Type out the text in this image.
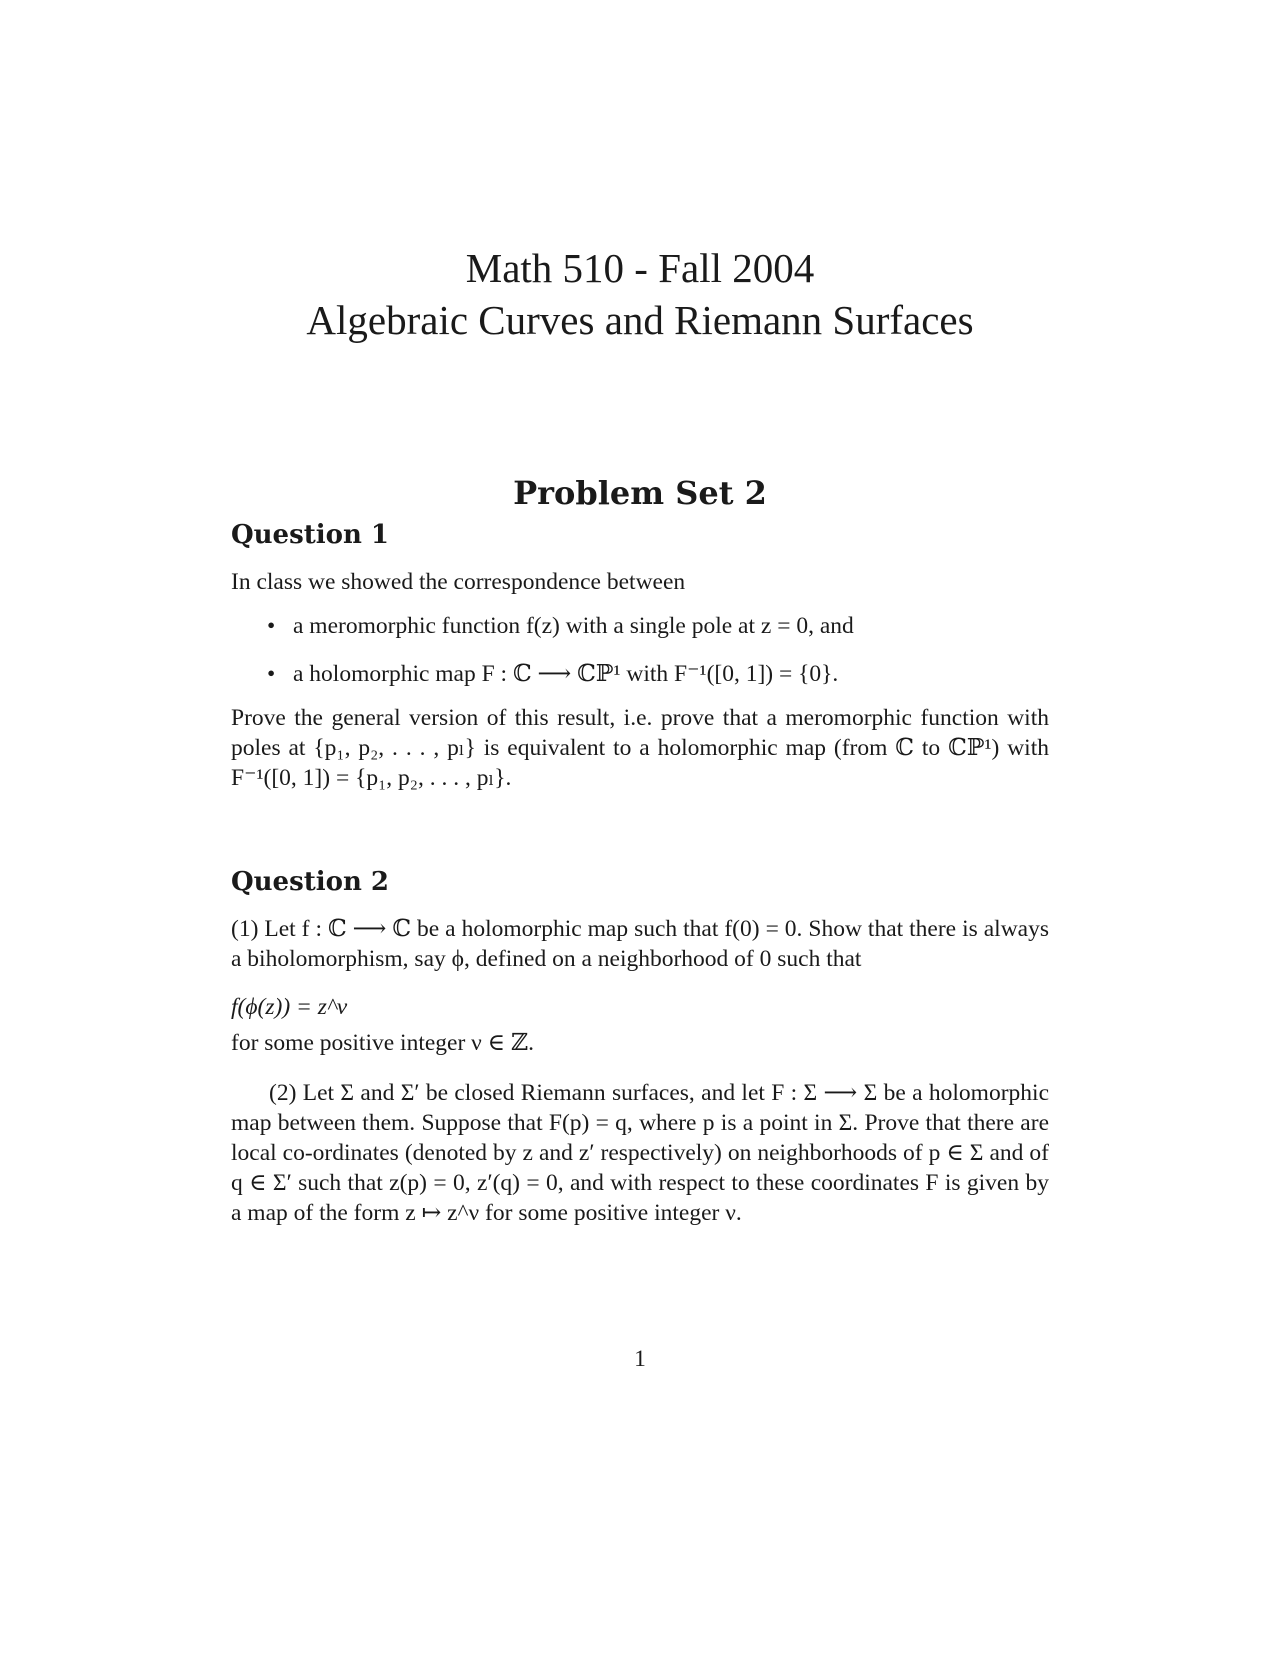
Math 510 - Fall 2004
Algebraic Curves and Riemann Surfaces
Problem Set 2

Question 1

In class we showed the correspondence between

• a meromorphic function f(z) with a single pole at z = 0, and
• a holomorphic map F : ℂ ⟶ ℂℙ¹ with F⁻¹([0, 1]) = {0}.

Prove the general version of this result, i.e. prove that a meromorphic function with poles at {p₁, p₂, . . . , pₗ} is equivalent to a holomorphic map (from ℂ to ℂℙ¹) with F⁻¹([0, 1]) = {p₁, p₂, . . . , pₗ}.

Question 2

(1) Let f : ℂ ⟶ ℂ be a holomorphic map such that f(0) = 0. Show that there is always a biholomorphism, say ϕ, defined on a neighborhood of 0 such that

f(ϕ(z)) = z^ν

for some positive integer ν ∈ ℤ.

(2) Let Σ and Σ′ be closed Riemann surfaces, and let F : Σ ⟶ Σ be a holomorphic map between them. Suppose that F(p) = q, where p is a point in Σ. Prove that there are local co-ordinates (denoted by z and z′ respectively) on neighborhoods of p ∈ Σ and of q ∈ Σ′ such that z(p) = 0, z′(q) = 0, and with respect to these coordinates F is given by a map of the form z ↦ z^ν for some positive integer ν.

1
